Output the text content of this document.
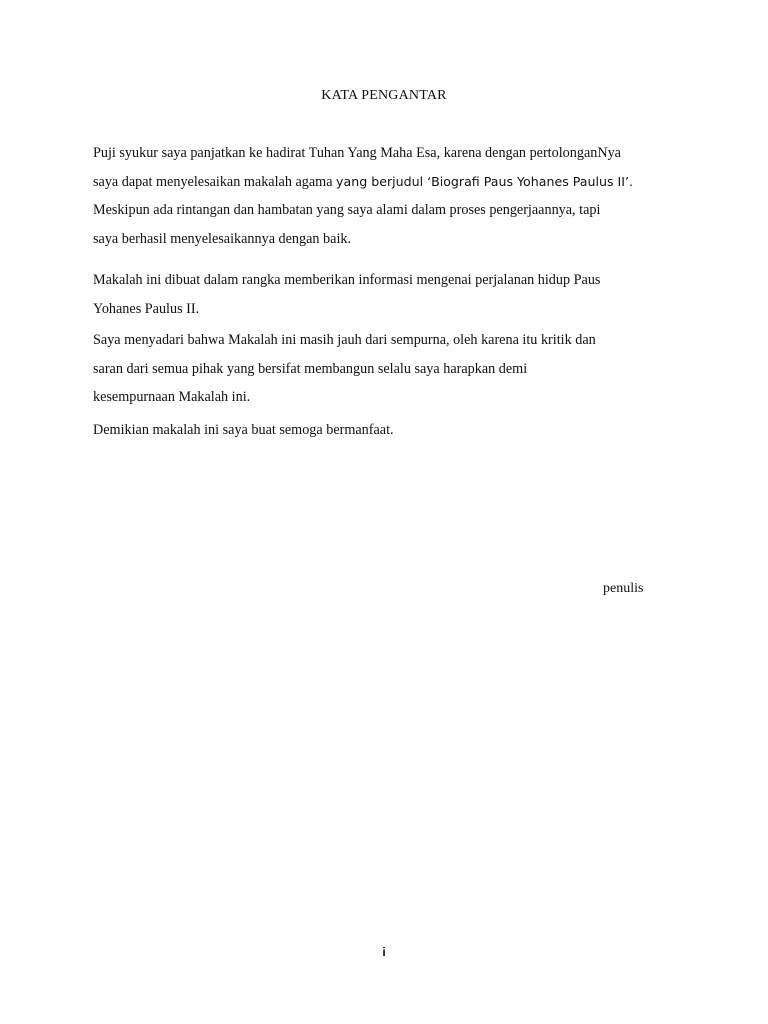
KATA PENGANTAR

Puji syukur saya panjatkan ke hadirat Tuhan Yang Maha Esa, karena dengan pertolonganNya

saya dapat menyelesaikan makalah agama yang berjudul ‘Biografi Paus Yohanes Paulus II’.

Meskipun ada rintangan dan hambatan yang saya alami dalam proses pengerjaannya, tapi

saya berhasil menyelesaikannya dengan baik.

Makalah ini dibuat dalam rangka memberikan informasi mengenai perjalanan hidup Paus

Yohanes Paulus II.

Saya menyadari bahwa Makalah ini masih jauh dari sempurna, oleh karena itu kritik dan

saran dari semua pihak yang bersifat membangun selalu saya harapkan demi

kesempurnaan Makalah ini.

Demikian makalah ini saya buat semoga bermanfaat.

penulis
i
